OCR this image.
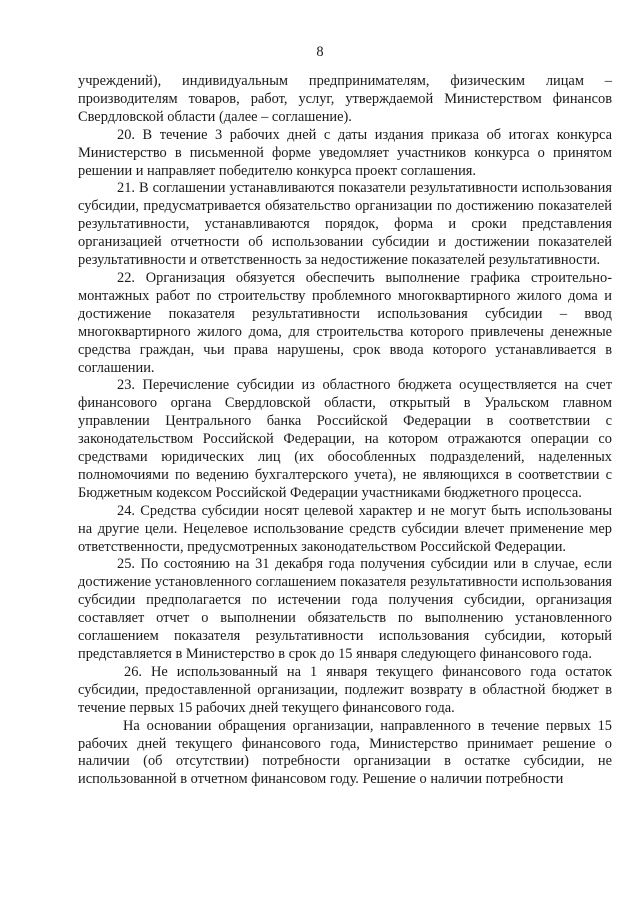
8

учреждений), индивидуальным предпринимателям, физическим лицам – производителям товаров, работ, услуг, утверждаемой Министерством финансов Свердловской области (далее – соглашение).

20. В течение 3 рабочих дней с даты издания приказа об итогах конкурса Министерство в письменной форме уведомляет участников конкурса о принятом решении и направляет победителю конкурса проект соглашения.

21. В соглашении устанавливаются показатели результативности использования субсидии, предусматривается обязательство организации по достижению показателей результативности, устанавливаются порядок, форма и сроки представления организацией отчетности об использовании субсидии и достижении показателей результативности и ответственность за недостижение показателей результативности.

22. Организация обязуется обеспечить выполнение графика строительно-монтажных работ по строительству проблемного многоквартирного жилого дома и достижение показателя результативности использования субсидии – ввод многоквартирного жилого дома, для строительства которого привлечены денежные средства граждан, чьи права нарушены, срок ввода которого устанавливается в соглашении.

23. Перечисление субсидии из областного бюджета осуществляется на счет финансового органа Свердловской области, открытый в Уральском главном управлении Центрального банка Российской Федерации в соответствии с законодательством Российской Федерации, на котором отражаются операции со средствами юридических лиц (их обособленных подразделений, наделенных полномочиями по ведению бухгалтерского учета), не являющихся в соответствии с Бюджетным кодексом Российской Федерации участниками бюджетного процесса.

24. Средства субсидии носят целевой характер и не могут быть использованы на другие цели. Нецелевое использование средств субсидии влечет применение мер ответственности, предусмотренных законодательством Российской Федерации.

25. По состоянию на 31 декабря года получения субсидии или в случае, если достижение установленного соглашением показателя результативности использования субсидии предполагается по истечении года получения субсидии, организация составляет отчет о выполнении обязательств по выполнению установленного соглашением показателя результативности использования субсидии, который представляется в Министерство в срок до 15 января следующего финансового года.

26. Не использованный на 1 января текущего финансового года остаток субсидии, предоставленной организации, подлежит возврату в областной бюджет в течение первых 15 рабочих дней текущего финансового года.

На основании обращения организации, направленного в течение первых 15 рабочих дней текущего финансового года, Министерство принимает решение о наличии (об отсутствии) потребности организации в остатке субсидии, не использованной в отчетном финансовом году. Решение о наличии потребности
